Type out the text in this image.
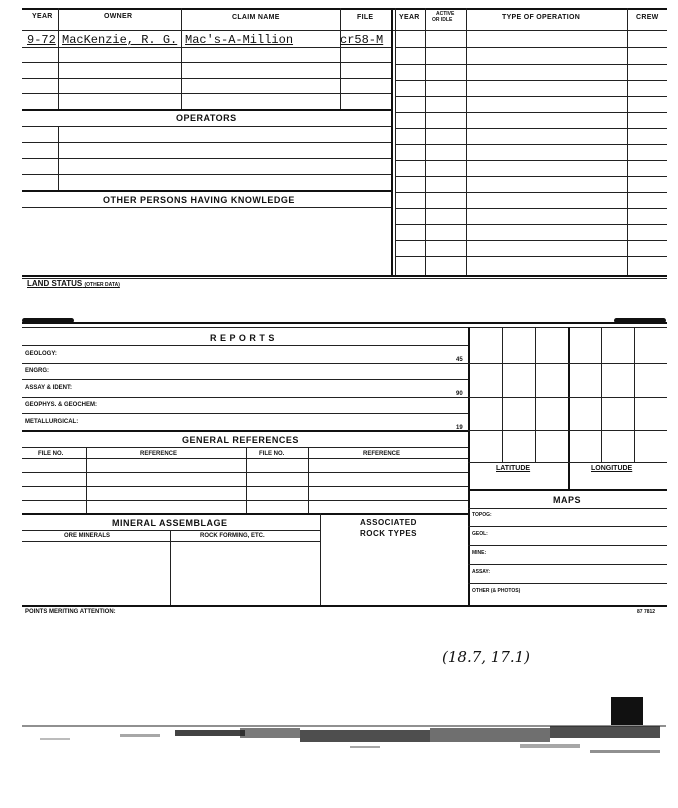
YEAR	OWNER	CLAIM NAME	FILE	YEAR	ACTIVE
OR IDLE	TYPE OF OPERATION	CREW
9-72 MacKenzie, R. G. Mac's-A-Million	cr58-M
OPERATORS
OTHER PERSONS HAVING KNOWLEDGE
LAND STATUS (OTHER DATA)
R E P O R T S
GEOLOGY:
45
ENGRG:
ASSAY & IDENT:
90
GEOPHYS. & GEOCHEM:
METALLURGICAL:
19
GENERAL REFERENCES
FILE NO.	REFERENCE	FILE NO.	REFERENCE
LATITUDE	LONGITUDE
MAPS
TOPOG:
GEOL:
MINE:
ASSAY:
OTHER (& PHOTOS)
MINERAL ASSEMBLAGE
ORE MINERALS	ROCK FORMING, ETC.
ASSOCIATED
ROCK TYPES
POINTS MERITING ATTENTION:	87 7812
(18.7, 17.1)
